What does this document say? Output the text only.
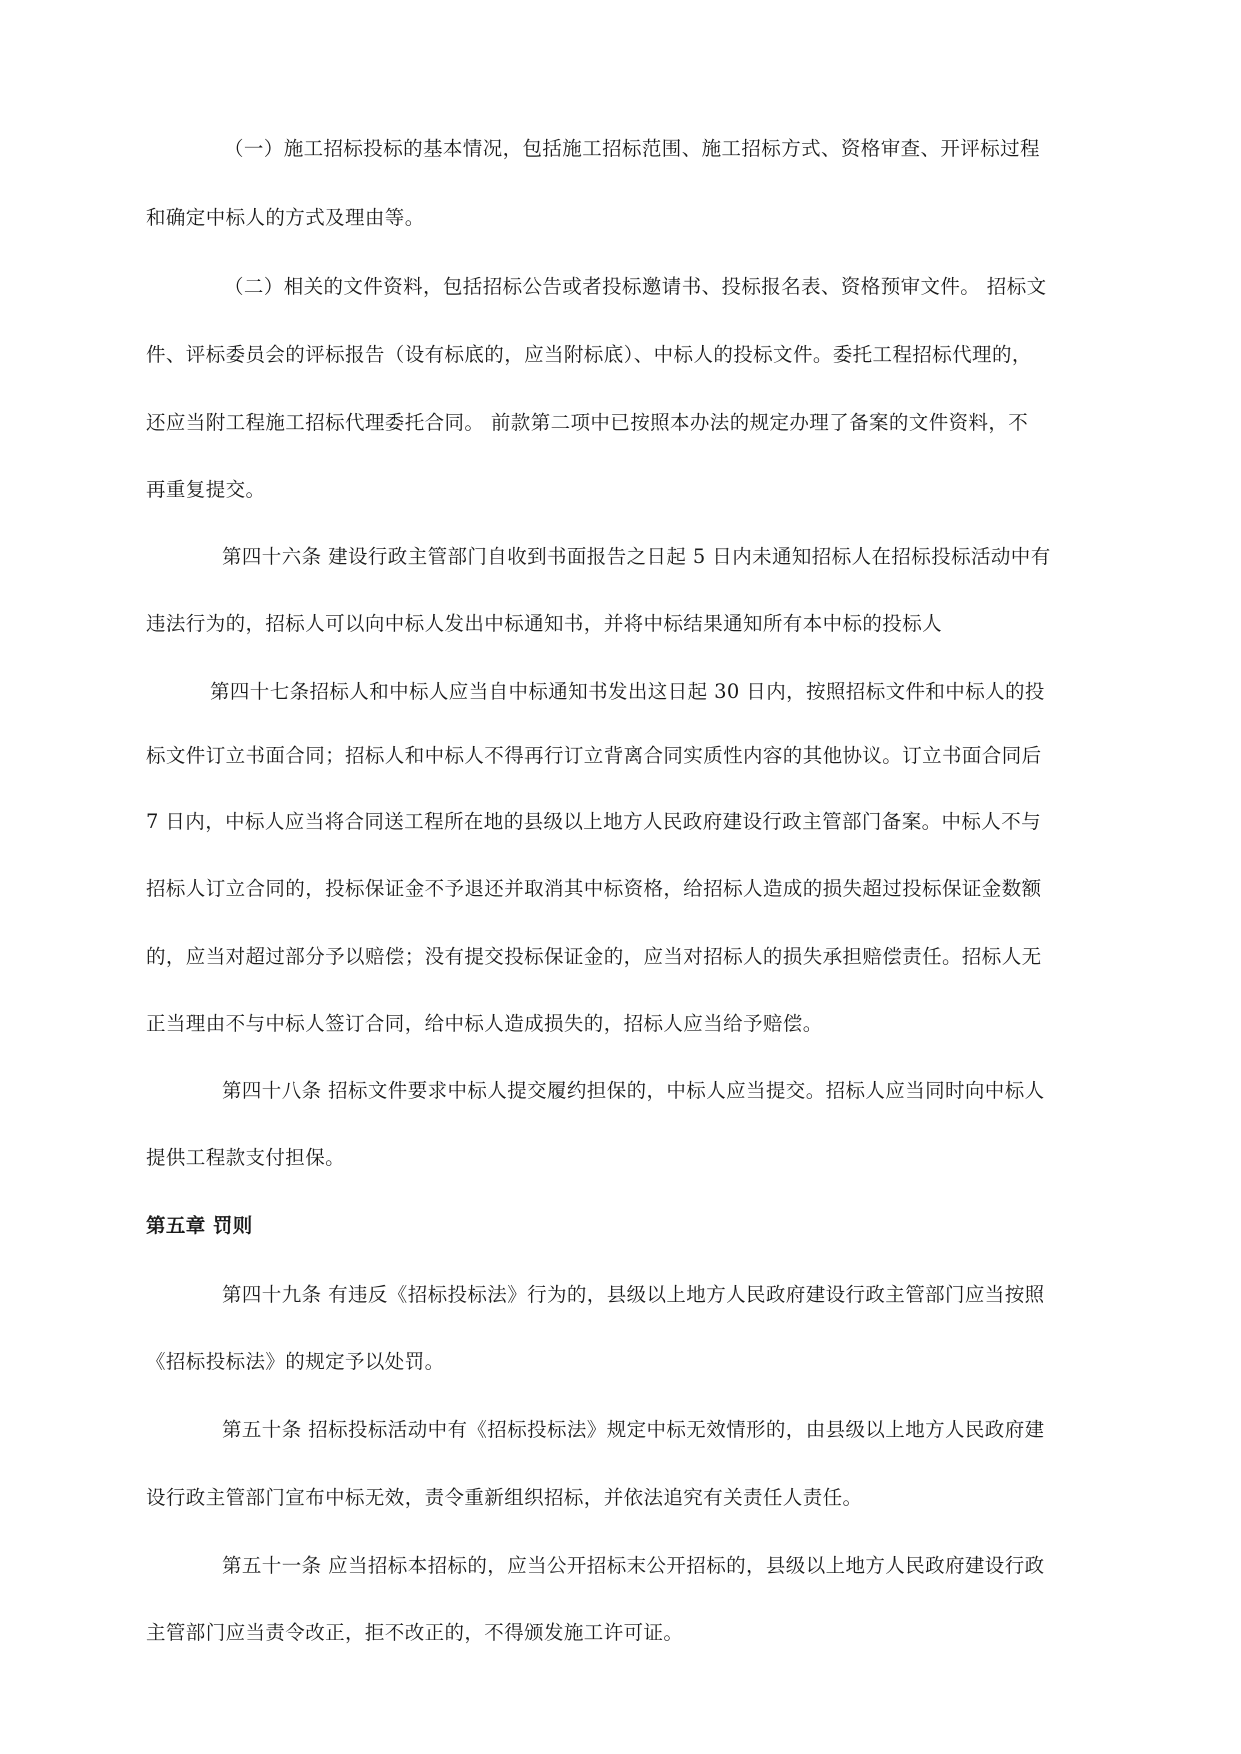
（一）施工招标投标的基本情况，包括施工招标范围、施工招标方式、资格审查、开评标过程
和确定中标人的方式及理由等。
（二）相关的文件资料，包括招标公告或者投标邀请书、投标报名表、资格预审文件。 招标文
件、评标委员会的评标报告（设有标底的，应当附标底）、中标人的投标文件。委托工程招标代理的，
还应当附工程施工招标代理委托合同。 前款第二项中已按照本办法的规定办理了备案的文件资料，不
再重复提交。
第四十六条 建设行政主管部门自收到书面报告之日起 5 日内未通知招标人在招标投标活动中有
违法行为的，招标人可以向中标人发出中标通知书，并将中标结果通知所有本中标的投标人
第四十七条招标人和中标人应当自中标通知书发出这日起 30 日内，按照招标文件和中标人的投
标文件订立书面合同；招标人和中标人不得再行订立背离合同实质性内容的其他协议。订立书面合同后
7 日内，中标人应当将合同送工程所在地的县级以上地方人民政府建设行政主管部门备案。中标人不与
招标人订立合同的，投标保证金不予退还并取消其中标资格，给招标人造成的损失超过投标保证金数额
的，应当对超过部分予以赔偿；没有提交投标保证金的，应当对招标人的损失承担赔偿责任。招标人无
正当理由不与中标人签订合同，给中标人造成损失的，招标人应当给予赔偿。
第四十八条 招标文件要求中标人提交履约担保的，中标人应当提交。招标人应当同时向中标人
提供工程款支付担保。
第五章 罚则
第四十九条 有违反《招标投标法》行为的，县级以上地方人民政府建设行政主管部门应当按照
《招标投标法》的规定予以处罚。
第五十条 招标投标活动中有《招标投标法》规定中标无效情形的，由县级以上地方人民政府建
设行政主管部门宣布中标无效，责令重新组织招标，并依法追究有关责任人责任。
第五十一条 应当招标本招标的，应当公开招标末公开招标的，县级以上地方人民政府建设行政
主管部门应当责令改正，拒不改正的，不得颁发施工许可证。
